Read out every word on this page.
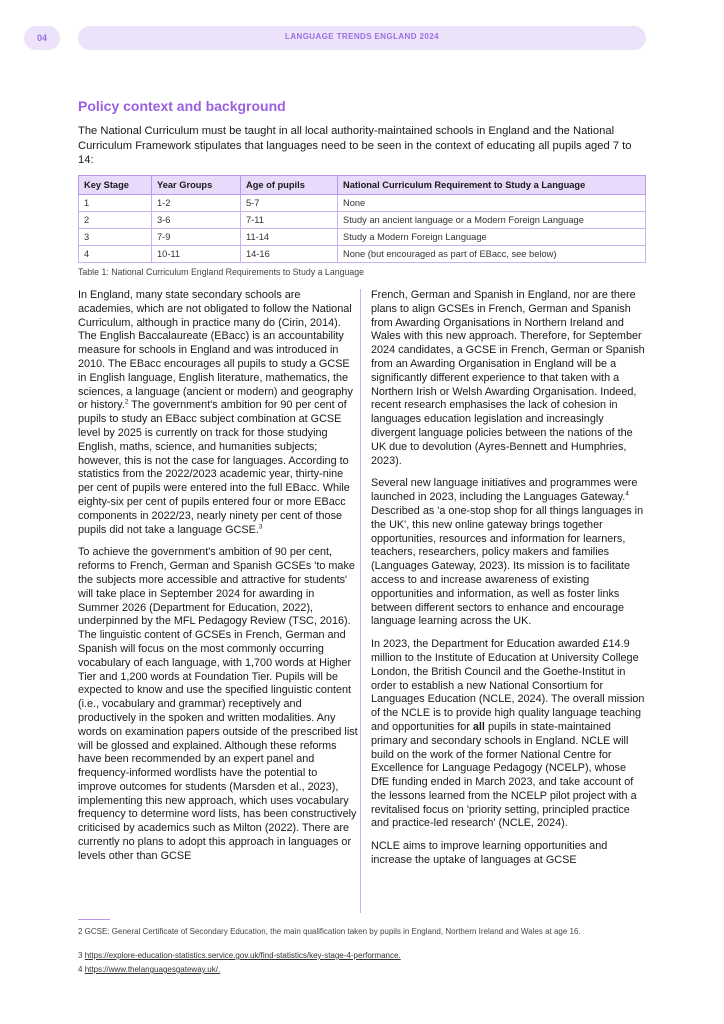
04	LANGUAGE TRENDS ENGLAND 2024
Policy context and background

The National Curriculum must be taught in all local authority-maintained schools in England and the National Curriculum Framework stipulates that languages need to be seen in the context of educating all pupils aged 7 to 14:

Key Stage	Year Groups	Age of pupils	National Curriculum Requirement to Study a Language
1	1-2	5-7	None
2	3-6	7-11	Study an ancient language or a Modern Foreign Language
3	7-9	11-14	Study a Modern Foreign Language
4	10-11	14-16	None (but encouraged as part of EBacc, see below)
Table 1: National Curriculum England Requirements to Study a Language

In England, many state secondary schools are academies, which are not obligated to follow the National Curriculum, although in practice many do (Cirin, 2014). The English Baccalaureate (EBacc) is an accountability measure for schools in England and was introduced in 2010. The EBacc encourages all pupils to study a GCSE in English language, English literature, mathematics, the sciences, a language (ancient or modern) and geography or history.$^2$ The government's ambition for 90 per cent of pupils to study an EBacc subject combination at GCSE level by 2025 is currently on track for those studying English, maths, science, and humanities subjects; however, this is not the case for languages. According to statistics from the 2022/2023 academic year, thirty-nine per cent of pupils were entered into the full EBacc. While eighty-six per cent of pupils entered four or more EBacc components in 2022/23, nearly ninety per cent of those pupils did not take a language GCSE.$^3$

To achieve the government's ambition of 90 per cent, reforms to French, German and Spanish GCSEs 'to make the subjects more accessible and attractive for students' will take place in September 2024 for awarding in Summer 2026 (Department for Education, 2022), underpinned by the MFL Pedagogy Review (TSC, 2016). The linguistic content of GCSEs in French, German and Spanish will focus on the most commonly occurring vocabulary of each language, with 1,700 words at Higher Tier and 1,200 words at Foundation Tier. Pupils will be expected to know and use the specified linguistic content (i.e., vocabulary and grammar) receptively and productively in the spoken and written modalities. Any words on examination papers outside of the prescribed list will be glossed and explained. Although these reforms have been recommended by an expert panel and frequency-informed wordlists have the potential to improve outcomes for students (Marsden et al., 2023), implementing this new approach, which uses vocabulary frequency to determine word lists, has been constructively criticised by academics such as Milton (2022). There are currently no plans to adopt this approach in languages or levels other than GCSE

French, German and Spanish in England, nor are there plans to align GCSEs in French, German and Spanish from Awarding Organisations in Northern Ireland and Wales with this new approach. Therefore, for September 2024 candidates, a GCSE in French, German or Spanish from an Awarding Organisation in England will be a significantly different experience to that taken with a Northern Irish or Welsh Awarding Organisation. Indeed, recent research emphasises the lack of cohesion in languages education legislation and increasingly divergent language policies between the nations of the UK due to devolution (Ayres-Bennett and Humphries, 2023).

Several new language initiatives and programmes were launched in 2023, including the Languages Gateway.$^4$ Described as 'a one-stop shop for all things languages in the UK', this new online gateway brings together opportunities, resources and information for learners, teachers, researchers, policy makers and families (Languages Gateway, 2023). Its mission is to facilitate access to and increase awareness of existing opportunities and information, as well as foster links between different sectors to enhance and encourage language learning across the UK.

In 2023, the Department for Education awarded £14.9 million to the Institute of Education at University College London, the British Council and the Goethe-Institut in order to establish a new National Consortium for Languages Education (NCLE, 2024). The overall mission of the NCLE is to provide high quality language teaching and opportunities for all pupils in state-maintained primary and secondary schools in England. NCLE will build on the work of the former National Centre for Excellence for Language Pedagogy (NCELP), whose DfE funding ended in March 2023, and take account of the lessons learned from the NCELP pilot project with a revitalised focus on 'priority setting, principled practice and practice-led research' (NCLE, 2024).

NCLE aims to improve learning opportunities and increase the uptake of languages at GCSE

2 GCSE: General Certificate of Secondary Education, the main qualification taken by pupils in England, Northern Ireland and Wales at age 16.
3 https://explore-education-statistics.service.gov.uk/find-statistics/key-stage-4-performance.
4 https://www.thelanguagesgateway.uk/.
